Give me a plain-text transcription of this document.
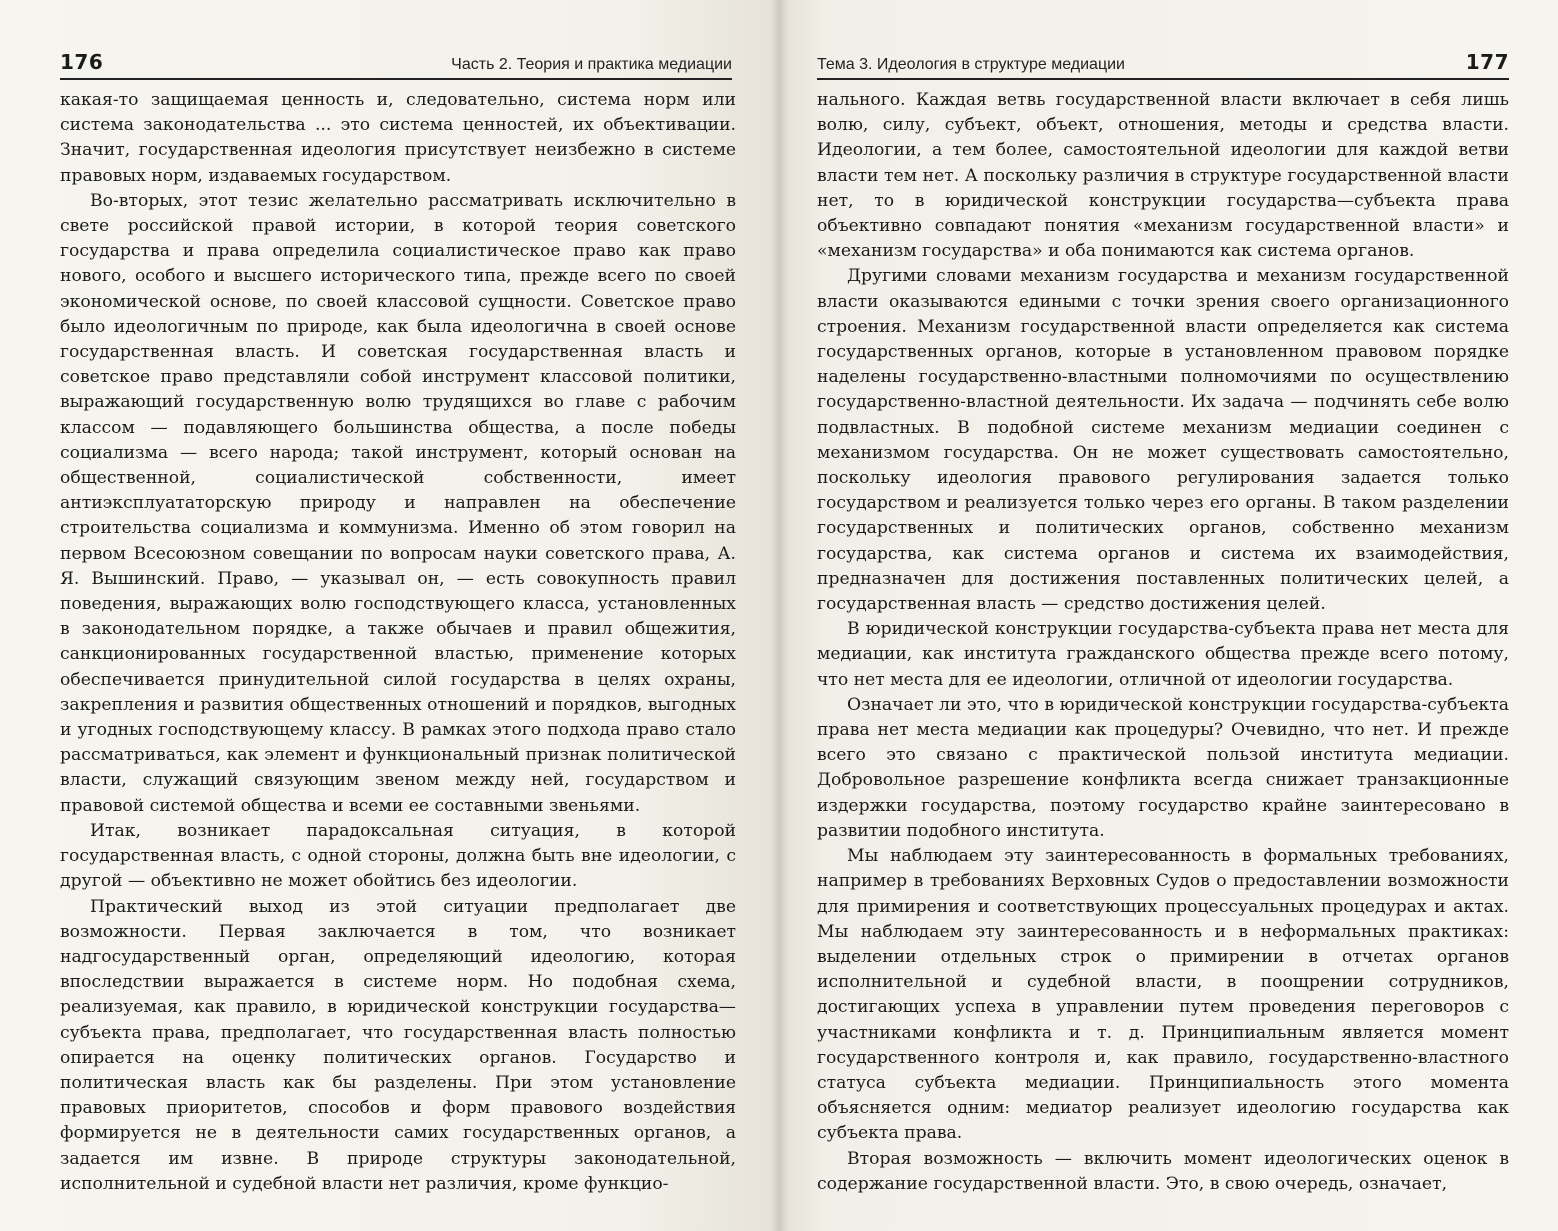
176	Часть 2. Теория и практика медиации

какая-то защищаемая ценность и, следовательно, система норм или система законодательства ... это система ценностей, их объективации. Значит, государственная идеология присутствует неизбежно в системе правовых норм, издаваемых государством.

Во-вторых, этот тезис желательно рассматривать исключительно в свете российской правой истории, в которой теория советского государства и права определила социалистическое право как право нового, особого и высшего исторического типа, прежде всего по своей экономической основе, по своей классовой сущности. Советское право было идеологичным по природе, как была идеологична в своей основе государственная власть. И советская государственная власть и советское право представляли собой инструмент классовой политики, выражающий государственную волю трудящихся во главе с рабочим классом — подавляющего большинства общества, а после победы социализма — всего народа; такой инструмент, который основан на общественной, социалистической собственности, имеет антиэксплуататорскую природу и направлен на обеспечение строительства социализма и коммунизма. Именно об этом говорил на первом Всесоюзном совещании по вопросам науки советского права, А. Я. Вышинский. Право, — указывал он, — есть совокупность правил поведения, выражающих волю господствующего класса, установленных в законодательном порядке, а также обычаев и правил общежития, санкционированных государственной властью, применение которых обеспечивается принудительной силой государства в целях охраны, закрепления и развития общественных отношений и порядков, выгодных и угодных господствующему классу. В рамках этого подхода право стало рассматриваться, как элемент и функциональный признак политической власти, служащий связующим звеном между ней, государством и правовой системой общества и всеми ее составными звеньями.

Итак, возникает парадоксальная ситуация, в которой государственная власть, с одной стороны, должна быть вне идеологии, с другой — объективно не может обойтись без идеологии.

Практический выход из этой ситуации предполагает две возможности. Первая заключается в том, что возникает надгосударственный орган, определяющий идеологию, которая впоследствии выражается в системе норм. Но подобная схема, реализуемая, как правило, в юридической конструкции государства—субъекта права, предполагает, что государственная власть полностью опирается на оценку политических органов. Государство и политическая власть как бы разделены. При этом установление правовых приоритетов, способов и форм правового воздействия формируется не в деятельности самих государственных органов, а задается им извне. В природе структуры законодательной, исполнительной и судебной власти нет различия, кроме функцио-

Тема 3. Идеология в структуре медиации	177

нального. Каждая ветвь государственной власти включает в себя лишь волю, силу, субъект, объект, отношения, методы и средства власти. Идеологии, а тем более, самостоятельной идеологии для каждой ветви власти тем нет. А поскольку различия в структуре государственной власти нет, то в юридической конструкции государства—субъекта права объективно совпадают понятия «механизм государственной власти» и «механизм государства» и оба понимаются как система органов.

Другими словами механизм государства и механизм государственной власти оказываются едиными с точки зрения своего организационного строения. Механизм государственной власти определяется как система государственных органов, которые в установленном правовом порядке наделены государственно-властными полномочиями по осуществлению государственно-властной деятельности. Их задача — подчинять себе волю подвластных. В подобной системе механизм медиации соединен с механизмом государства. Он не может существовать самостоятельно, поскольку идеология правового регулирования задается только государством и реализуется только через его органы. В таком разделении государственных и политических органов, собственно механизм государства, как система органов и система их взаимодействия, предназначен для достижения поставленных политических целей, а государственная власть — средство достижения целей.

В юридической конструкции государства-субъекта права нет места для медиации, как института гражданского общества прежде всего потому, что нет места для ее идеологии, отличной от идеологии государства.

Означает ли это, что в юридической конструкции государства-субъекта права нет места медиации как процедуры? Очевидно, что нет. И прежде всего это связано с практической пользой института медиации. Добровольное разрешение конфликта всегда снижает транзакционные издержки государства, поэтому государство крайне заинтересовано в развитии подобного института.

Мы наблюдаем эту заинтересованность в формальных требованиях, например в требованиях Верховных Судов о предоставлении возможности для примирения и соответствующих процессуальных процедурах и актах. Мы наблюдаем эту заинтересованность и в неформальных практиках: выделении отдельных строк о примирении в отчетах органов исполнительной и судебной власти, в поощрении сотрудников, достигающих успеха в управлении путем проведения переговоров с участниками конфликта и т. д. Принципиальным является момент государственного контроля и, как правило, государственно-властного статуса субъекта медиации. Принципиальность этого момента объясняется одним: медиатор реализует идеологию государства как субъекта права.

Вторая возможность — включить момент идеологических оценок в содержание государственной власти. Это, в свою очередь, означает,
